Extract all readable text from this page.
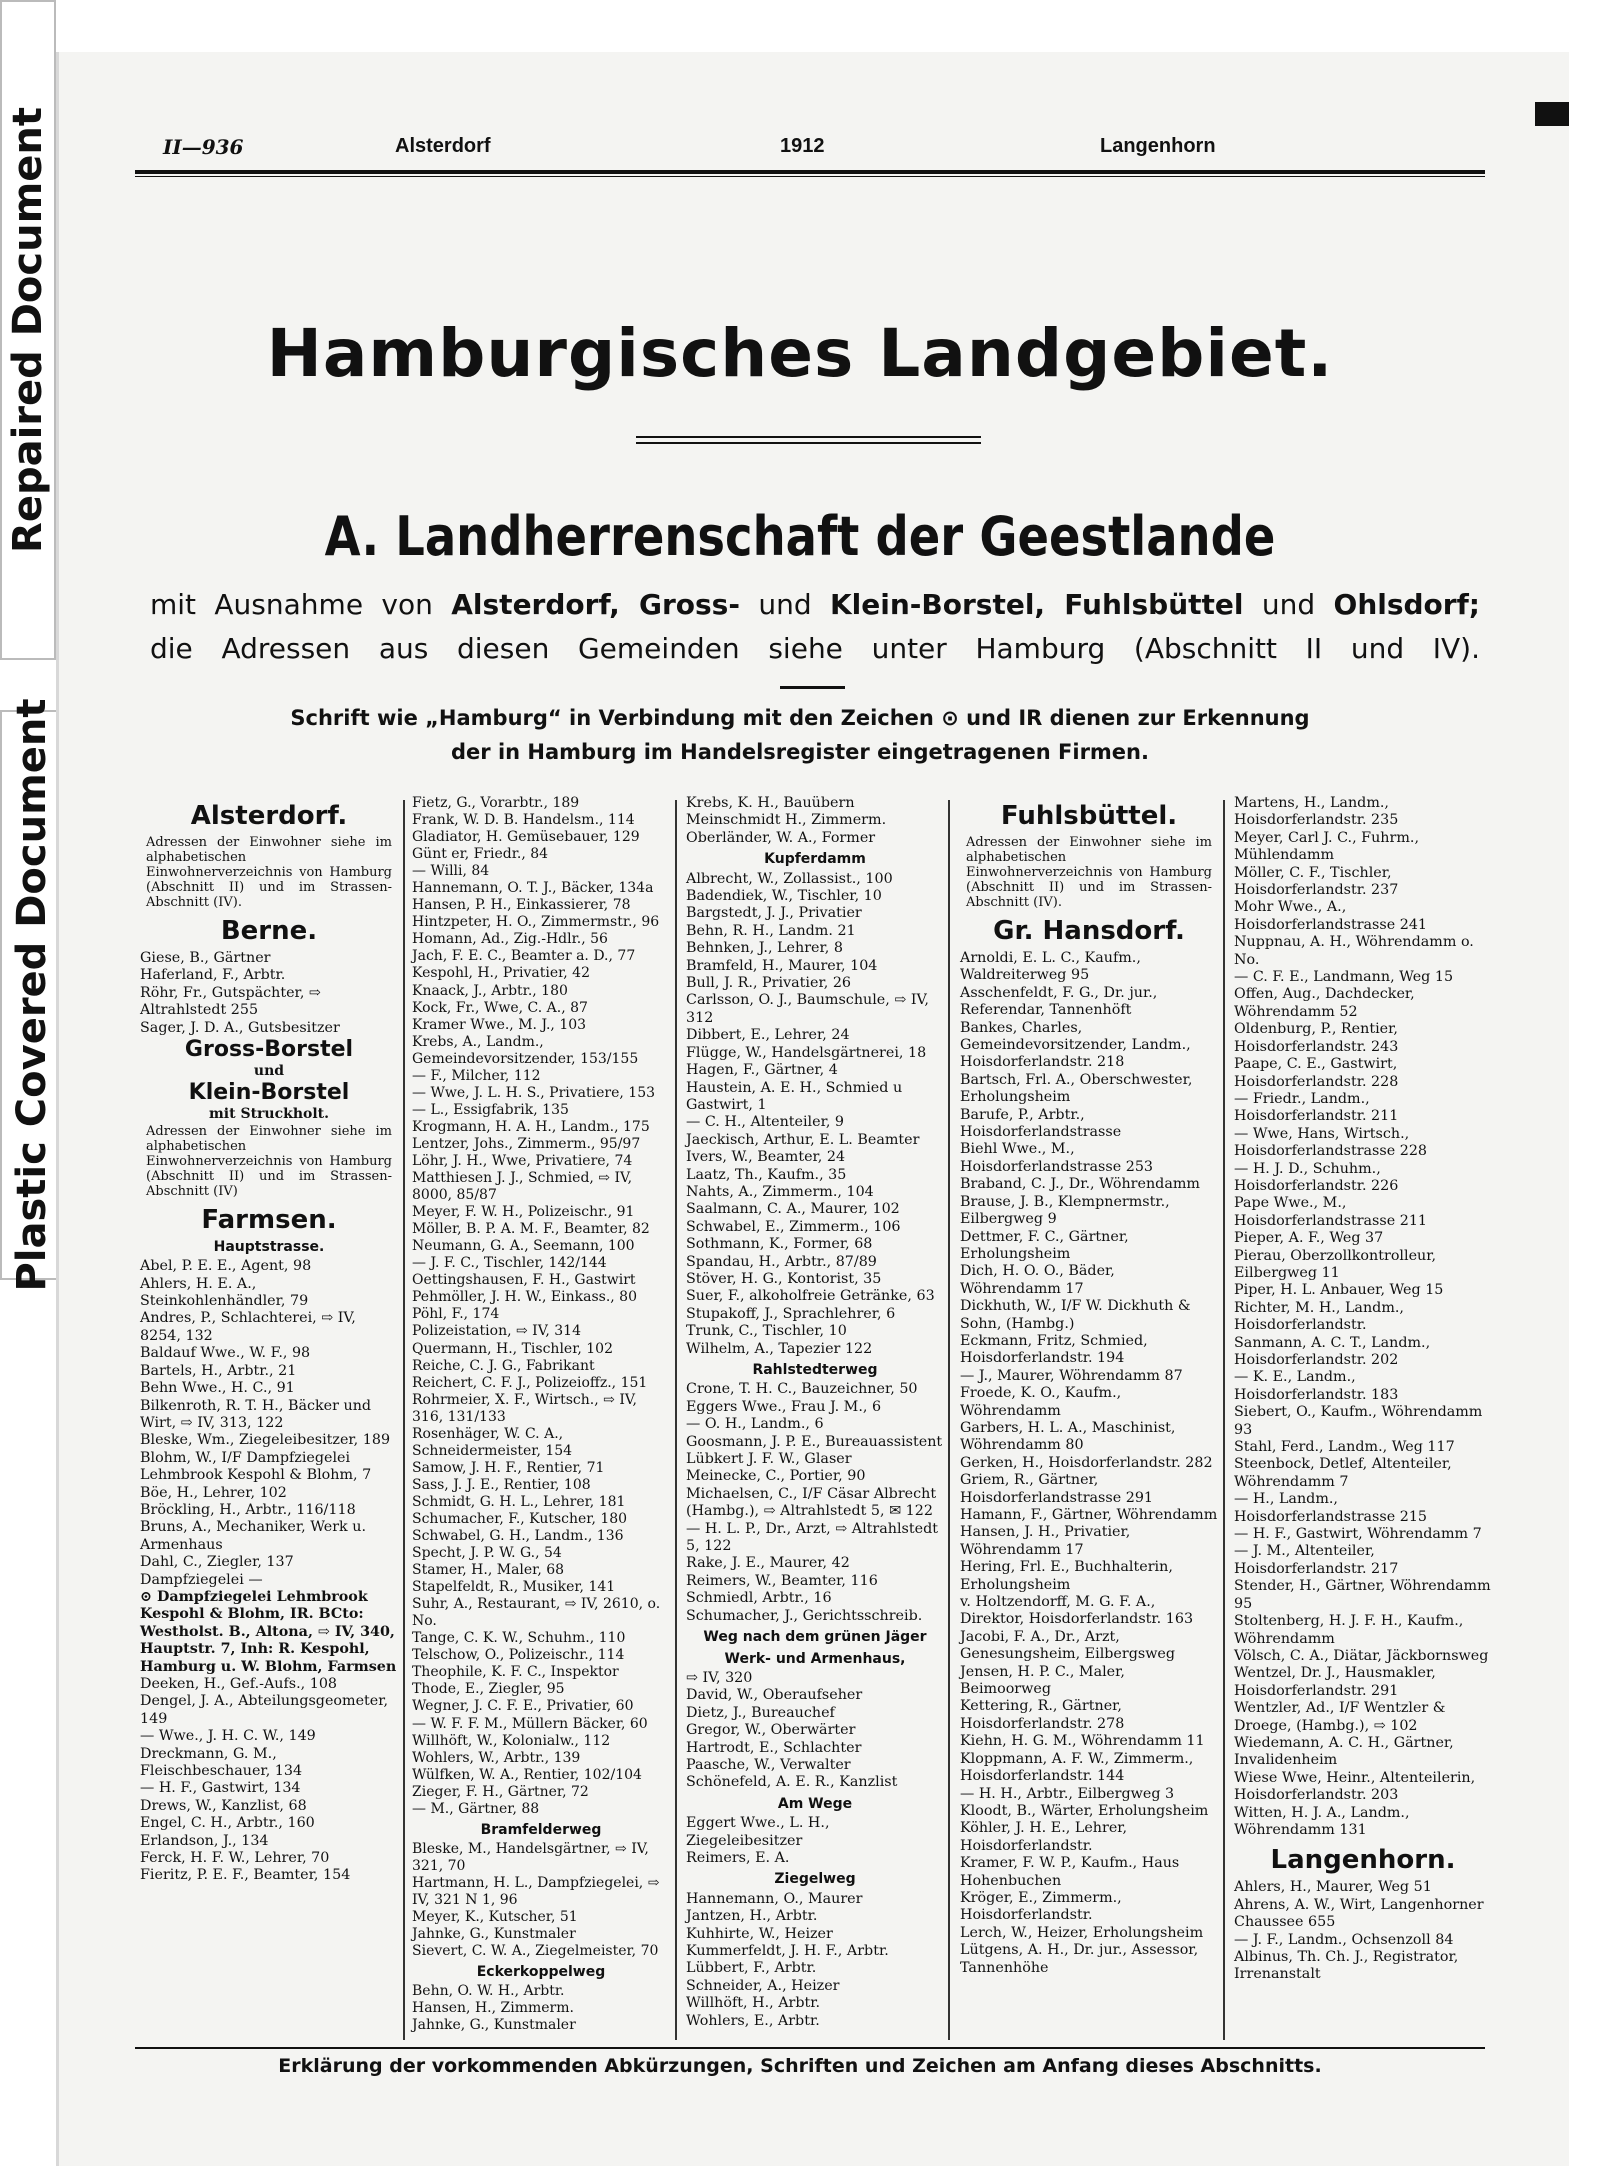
Repaired Document
Plastic Covered Document
II—936	Alsterdorf	1912	Langenhorn
Hamburgisches Landgebiet.
A. Landherrenschaft der Geestlande
mit Ausnahme von Alsterdorf, Gross- und Klein-Borstel, Fuhlsbüttel und Ohlsdorf;
die Adressen aus diesen Gemeinden siehe unter Hamburg (Abschnitt II und IV).
Schrift wie „Hamburg“ in Verbindung mit den Zeichen ⊙ und IR dienen zur Erkennung
der in Hamburg im Handelsregister eingetragenen Firmen.

Alsterdorf.

Adressen der Einwohner siehe im alphabetischen Einwohnerverzeichnis von Hamburg (Abschnitt II) und im Strassen-Abschnitt (IV).

Berne.

Giese, B., Gärtner

Haferland, F., Arbtr.

Röhr, Fr., Gutspächter, ⇨ Altrahlstedt 255

Sager, J. D. A., Gutsbesitzer

Gross-Borstel

und

Klein-Borstel

mit Struckholt.

Adressen der Einwohner siehe im alphabetischen Einwohnerverzeichnis von Hamburg (Abschnitt II) und im Strassen-Abschnitt (IV)

Farmsen.

Hauptstrasse.

Abel, P. E. E., Agent, 98

Ahlers, H. E. A., Steinkohlenhändler, 79

Andres, P., Schlachterei, ⇨ IV, 8254, 132

Baldauf Wwe., W. F., 98

Bartels, H., Arbtr., 21

Behn Wwe., H. C., 91

Bilkenroth, R. T. H., Bäcker und Wirt, ⇨ IV, 313, 122

Bleske, Wm., Ziegeleibesitzer, 189

Blohm, W., I/F Dampfziegelei Lehmbrook Kespohl & Blohm, 7

Böe, H., Lehrer, 102

Bröckling, H., Arbtr., 116/118

Bruns, A., Mechaniker, Werk u. Armenhaus

Dahl, C., Ziegler, 137

Dampfziegelei —

⊙ Dampfziegelei Lehmbrook Kespohl & Blohm, IR. BCto: Westholst. B., Altona, ⇨ IV, 340, Hauptstr. 7, Inh: R. Kespohl, Hamburg u. W. Blohm, Farmsen

Deeken, H., Gef.-Aufs., 108

Dengel, J. A., Abteilungsgeometer, 149

— Wwe., J. H. C. W., 149

Dreckmann, G. M., Fleischbeschauer, 134

— H. F., Gastwirt, 134

Drews, W., Kanzlist, 68

Engel, C. H., Arbtr., 160

Erlandson, J., 134

Ferck, H. F. W., Lehrer, 70

Fieritz, P. E. F., Beamter, 154

Fietz, G., Vorarbtr., 189

Frank, W. D. B. Handelsm., 114

Gladiator, H. Gemüsebauer, 129

Günt er, Friedr., 84

— Willi, 84

Hannemann, O. T. J., Bäcker, 134a

Hansen, P. H., Einkassierer, 78

Hintzpeter, H. O., Zimmermstr., 96

Homann, Ad., Zig.-Hdlr., 56

Jach, F. E. C., Beamter a. D., 77

Kespohl, H., Privatier, 42

Knaack, J., Arbtr., 180

Kock, Fr., Wwe, C. A., 87

Kramer Wwe., M. J., 103

Krebs, A., Landm., Gemeindevorsitzender, 153/155

— F., Milcher, 112

— Wwe, J. L. H. S., Privatiere, 153

— L., Essigfabrik, 135

Krogmann, H. A. H., Landm., 175

Lentzer, Johs., Zimmerm., 95/97

Löhr, J. H., Wwe, Privatiere, 74

Matthiesen J. J., Schmied, ⇨ IV, 8000, 85/87

Meyer, F. W. H., Polizeischr., 91

Möller, B. P. A. M. F., Beamter, 82

Neumann, G. A., Seemann, 100

— J. F. C., Tischler, 142/144

Oettingshausen, F. H., Gastwirt

Pehmöller, J. H. W., Einkass., 80

Pöhl, F., 174

Polizeistation, ⇨ IV, 314

Quermann, H., Tischler, 102

Reiche, C. J. G., Fabrikant

Reichert, C. F. J., Polizeioffz., 151

Rohrmeier, X. F., Wirtsch., ⇨ IV, 316, 131/133

Rosenhäger, W. C. A., Schneidermeister, 154

Samow, J. H. F., Rentier, 71

Sass, J. J. E., Rentier, 108

Schmidt, G. H. L., Lehrer, 181

Schumacher, F., Kutscher, 180

Schwabel, G. H., Landm., 136

Specht, J. P. W. G., 54

Stamer, H., Maler, 68

Stapelfeldt, R., Musiker, 141

Suhr, A., Restaurant, ⇨ IV, 2610, o. No.

Tange, C. K. W., Schuhm., 110

Telschow, O., Polizeischr., 114

Theophile, K. F. C., Inspektor

Thode, E., Ziegler, 95

Wegner, J. C. F. E., Privatier, 60

— W. F. F. M., Müllern Bäcker, 60

Willhöft, W., Kolonialw., 112

Wohlers, W., Arbtr., 139

Wülfken, W. A., Rentier, 102/104

Zieger, F. H., Gärtner, 72

— M., Gärtner, 88

Bramfelderweg

Bleske, M., Handelsgärtner, ⇨ IV, 321, 70

Hartmann, H. L., Dampfziegelei, ⇨ IV, 321 N 1, 96

Meyer, K., Kutscher, 51

Jahnke, G., Kunstmaler

Sievert, C. W. A., Ziegelmeister, 70

Eckerkoppelweg

Behn, O. W. H., Arbtr.

Hansen, H., Zimmerm.

Jahnke, G., Kunstmaler

Krebs, K. H., Bauübern

Meinschmidt H., Zimmerm.

Oberländer, W. A., Former

Kupferdamm

Albrecht, W., Zollassist., 100

Badendiek, W., Tischler, 10

Bargstedt, J. J., Privatier

Behn, R. H., Landm. 21

Behnken, J., Lehrer, 8

Bramfeld, H., Maurer, 104

Bull, J. R., Privatier, 26

Carlsson, O. J., Baumschule, ⇨ IV, 312

Dibbert, E., Lehrer, 24

Flügge, W., Handelsgärtnerei, 18

Hagen, F., Gärtner, 4

Haustein, A. E. H., Schmied u Gastwirt, 1

— C. H., Altenteiler, 9

Jaeckisch, Arthur, E. L. Beamter

Ivers, W., Beamter, 24

Laatz, Th., Kaufm., 35

Nahts, A., Zimmerm., 104

Saalmann, C. A., Maurer, 102

Schwabel, E., Zimmerm., 106

Sothmann, K., Former, 68

Spandau, H., Arbtr., 87/89

Stöver, H. G., Kontorist, 35

Suer, F., alkoholfreie Getränke, 63

Stupakoff, J., Sprachlehrer, 6

Trunk, C., Tischler, 10

Wilhelm, A., Tapezier 122

Rahlstedterweg

Crone, T. H. C., Bauzeichner, 50

Eggers Wwe., Frau J. M., 6

— O. H., Landm., 6

Goosmann, J. P. E., Bureauassistent

Lübkert J. F. W., Glaser

Meinecke, C., Portier, 90

Michaelsen, C., I/F Cäsar Albrecht (Hambg.), ⇨ Altrahlstedt 5, ✉ 122

— H. L. P., Dr., Arzt, ⇨ Altrahlstedt 5, 122

Rake, J. E., Maurer, 42

Reimers, W., Beamter, 116

Schmiedl, Arbtr., 16

Schumacher, J., Gerichtsschreib.

Weg nach dem grünen Jäger

Werk- und Armenhaus,

⇨ IV, 320

David, W., Oberaufseher

Dietz, J., Bureauchef

Gregor, W., Oberwärter

Hartrodt, E., Schlachter

Paasche, W., Verwalter

Schönefeld, A. E. R., Kanzlist

Am Wege

Eggert Wwe., L. H., Ziegeleibesitzer

Reimers, E. A.

Ziegelweg

Hannemann, O., Maurer

Jantzen, H., Arbtr.

Kuhhirte, W., Heizer

Kummerfeldt, J. H. F., Arbtr.

Lübbert, F., Arbtr.

Schneider, A., Heizer

Willhöft, H., Arbtr.

Wohlers, E., Arbtr.

Fuhlsbüttel.

Adressen der Einwohner siehe im alphabetischen Einwohnerverzeichnis von Hamburg (Abschnitt II) und im Strassen-Abschnitt (IV).

Gr. Hansdorf.

Arnoldi, E. L. C., Kaufm., Waldreiterweg 95

Asschenfeldt, F. G., Dr. jur., Referendar, Tannenhöft

Bankes, Charles, Gemeindevorsitzender, Landm., Hoisdorferlandstr. 218

Bartsch, Frl. A., Oberschwester, Erholungsheim

Barufe, P., Arbtr., Hoisdorferlandstrasse

Biehl Wwe., M., Hoisdorferlandstrasse 253

Braband, C. J., Dr., Wöhrendamm

Brause, J. B., Klempnermstr., Eilbergweg 9

Dettmer, F. C., Gärtner, Erholungsheim

Dich, H. O. O., Bäder, Wöhrendamm 17

Dickhuth, W., I/F W. Dickhuth & Sohn, (Hambg.)

Eckmann, Fritz, Schmied, Hoisdorferlandstr. 194

— J., Maurer, Wöhrendamm 87

Froede, K. O., Kaufm., Wöhrendamm

Garbers, H. L. A., Maschinist, Wöhrendamm 80

Gerken, H., Hoisdorferlandstr. 282

Griem, R., Gärtner, Hoisdorferlandstrasse 291

Hamann, F., Gärtner, Wöhrendamm

Hansen, J. H., Privatier, Wöhrendamm 17

Hering, Frl. E., Buchhalterin, Erholungsheim

v. Holtzendorff, M. G. F. A., Direktor, Hoisdorferlandstr. 163

Jacobi, F. A., Dr., Arzt, Genesungsheim, Eilbergsweg

Jensen, H. P. C., Maler, Beimoorweg

Kettering, R., Gärtner, Hoisdorferlandstr. 278

Kiehn, H. G. M., Wöhrendamm 11

Kloppmann, A. F. W., Zimmerm., Hoisdorferlandstr. 144

— H. H., Arbtr., Eilbergweg 3

Kloodt, B., Wärter, Erholungsheim

Köhler, J. H. E., Lehrer, Hoisdorferlandstr.

Kramer, F. W. P., Kaufm., Haus Hohenbuchen

Kröger, E., Zimmerm., Hoisdorferlandstr.

Lerch, W., Heizer, Erholungsheim

Lütgens, A. H., Dr. jur., Assessor, Tannenhöhe

Martens, H., Landm., Hoisdorferlandstr. 235

Meyer, Carl J. C., Fuhrm., Mühlendamm

Möller, C. F., Tischler, Hoisdorferlandstr. 237

Mohr Wwe., A., Hoisdorferlandstrasse 241

Nuppnau, A. H., Wöhrendamm o. No.

— C. F. E., Landmann, Weg 15

Offen, Aug., Dachdecker, Wöhrendamm 52

Oldenburg, P., Rentier, Hoisdorferlandstr. 243

Paape, C. E., Gastwirt, Hoisdorferlandstr. 228

— Friedr., Landm., Hoisdorferlandstr. 211

— Wwe, Hans, Wirtsch., Hoisdorferlandstrasse 228

— H. J. D., Schuhm., Hoisdorferlandstr. 226

Pape Wwe., M., Hoisdorferlandstrasse 211

Pieper, A. F., Weg 37

Pierau, Oberzollkontrolleur, Eilbergweg 11

Piper, H. L. Anbauer, Weg 15

Richter, M. H., Landm., Hoisdorferlandstr.

Sanmann, A. C. T., Landm., Hoisdorferlandstr. 202

— K. E., Landm., Hoisdorferlandstr. 183

Siebert, O., Kaufm., Wöhrendamm 93

Stahl, Ferd., Landm., Weg 117

Steenbock, Detlef, Altenteiler, Wöhrendamm 7

— H., Landm., Hoisdorferlandstrasse 215

— H. F., Gastwirt, Wöhrendamm 7

— J. M., Altenteiler, Hoisdorferlandstr. 217

Stender, H., Gärtner, Wöhrendamm 95

Stoltenberg, H. J. F. H., Kaufm., Wöhrendamm

Völsch, C. A., Diätar, Jäckbornsweg

Wentzel, Dr. J., Hausmakler, Hoisdorferlandstr. 291

Wentzler, Ad., I/F Wentzler & Droege, (Hambg.), ⇨ 102

Wiedemann, A. C. H., Gärtner, Invalidenheim

Wiese Wwe, Heinr., Altenteilerin, Hoisdorferlandstr. 203

Witten, H. J. A., Landm., Wöhrendamm 131

Langenhorn.

Ahlers, H., Maurer, Weg 51

Ahrens, A. W., Wirt, Langenhorner Chaussee 655

— J. F., Landm., Ochsenzoll 84

Albinus, Th. Ch. J., Registrator, Irrenanstalt

Erklärung der vorkommenden Abkürzungen, Schriften und Zeichen am Anfang dieses Abschnitts.
